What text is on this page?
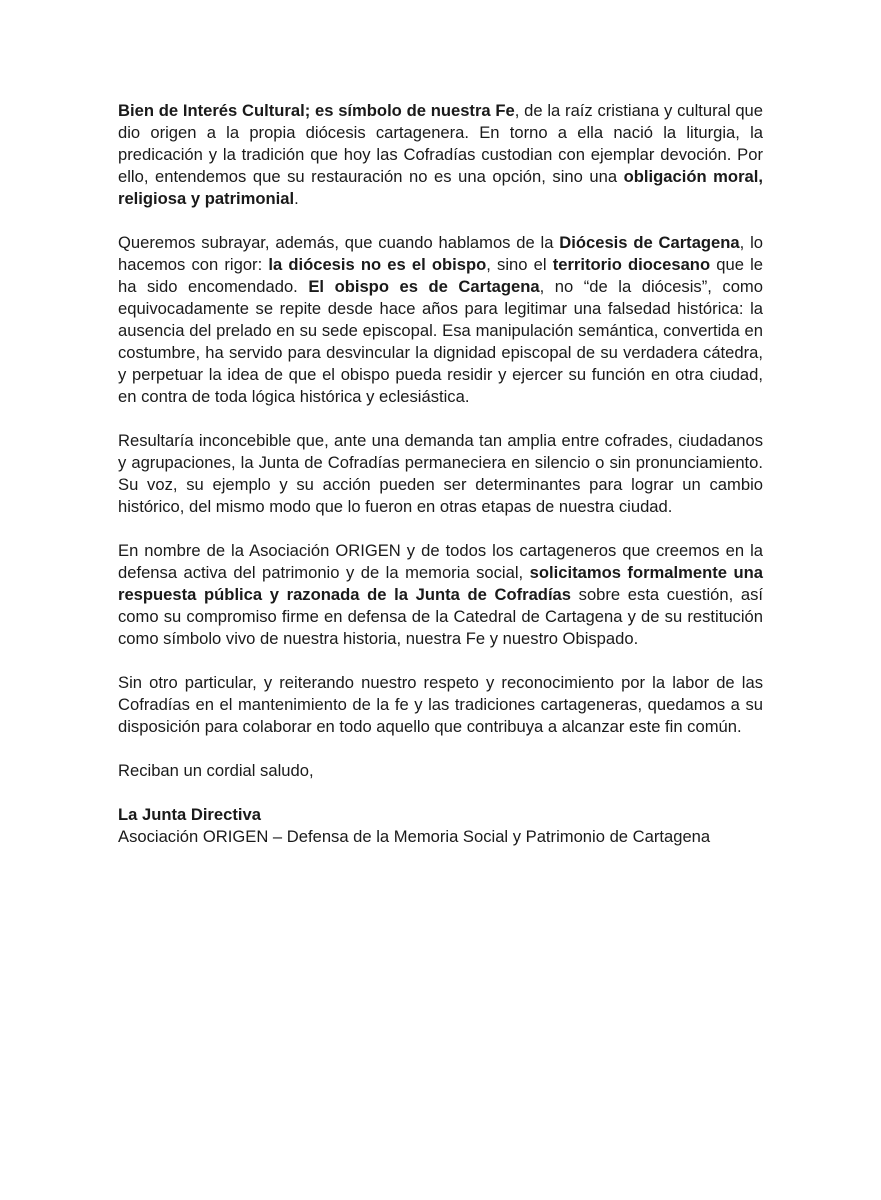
Bien de Interés Cultural; es símbolo de nuestra Fe, de la raíz cristiana y cultural que dio origen a la propia diócesis cartagenera. En torno a ella nació la liturgia, la predicación y la tradición que hoy las Cofradías custodian con ejemplar devoción. Por ello, entendemos que su restauración no es una opción, sino una obligación moral, religiosa y patrimonial.

Queremos subrayar, además, que cuando hablamos de la Diócesis de Cartagena, lo hacemos con rigor: la diócesis no es el obispo, sino el territorio diocesano que le ha sido encomendado. El obispo es de Cartagena, no “de la diócesis”, como equivocadamente se repite desde hace años para legitimar una falsedad histórica: la ausencia del prelado en su sede episcopal. Esa manipulación semántica, convertida en costumbre, ha servido para desvincular la dignidad episcopal de su verdadera cátedra, y perpetuar la idea de que el obispo pueda residir y ejercer su función en otra ciudad, en contra de toda lógica histórica y eclesiástica.

Resultaría inconcebible que, ante una demanda tan amplia entre cofrades, ciudadanos y agrupaciones, la Junta de Cofradías permaneciera en silencio o sin pronunciamiento. Su voz, su ejemplo y su acción pueden ser determinantes para lograr un cambio histórico, del mismo modo que lo fueron en otras etapas de nuestra ciudad.

En nombre de la Asociación ORIGEN y de todos los cartageneros que creemos en la defensa activa del patrimonio y de la memoria social, solicitamos formalmente una respuesta pública y razonada de la Junta de Cofradías sobre esta cuestión, así como su compromiso firme en defensa de la Catedral de Cartagena y de su restitución como símbolo vivo de nuestra historia, nuestra Fe y nuestro Obispado.

Sin otro particular, y reiterando nuestro respeto y reconocimiento por la labor de las Cofradías en el mantenimiento de la fe y las tradiciones cartageneras, quedamos a su disposición para colaborar en todo aquello que contribuya a alcanzar este fin común.

Reciban un cordial saludo,

La Junta Directiva
Asociación ORIGEN – Defensa de la Memoria Social y Patrimonio de Cartagena
